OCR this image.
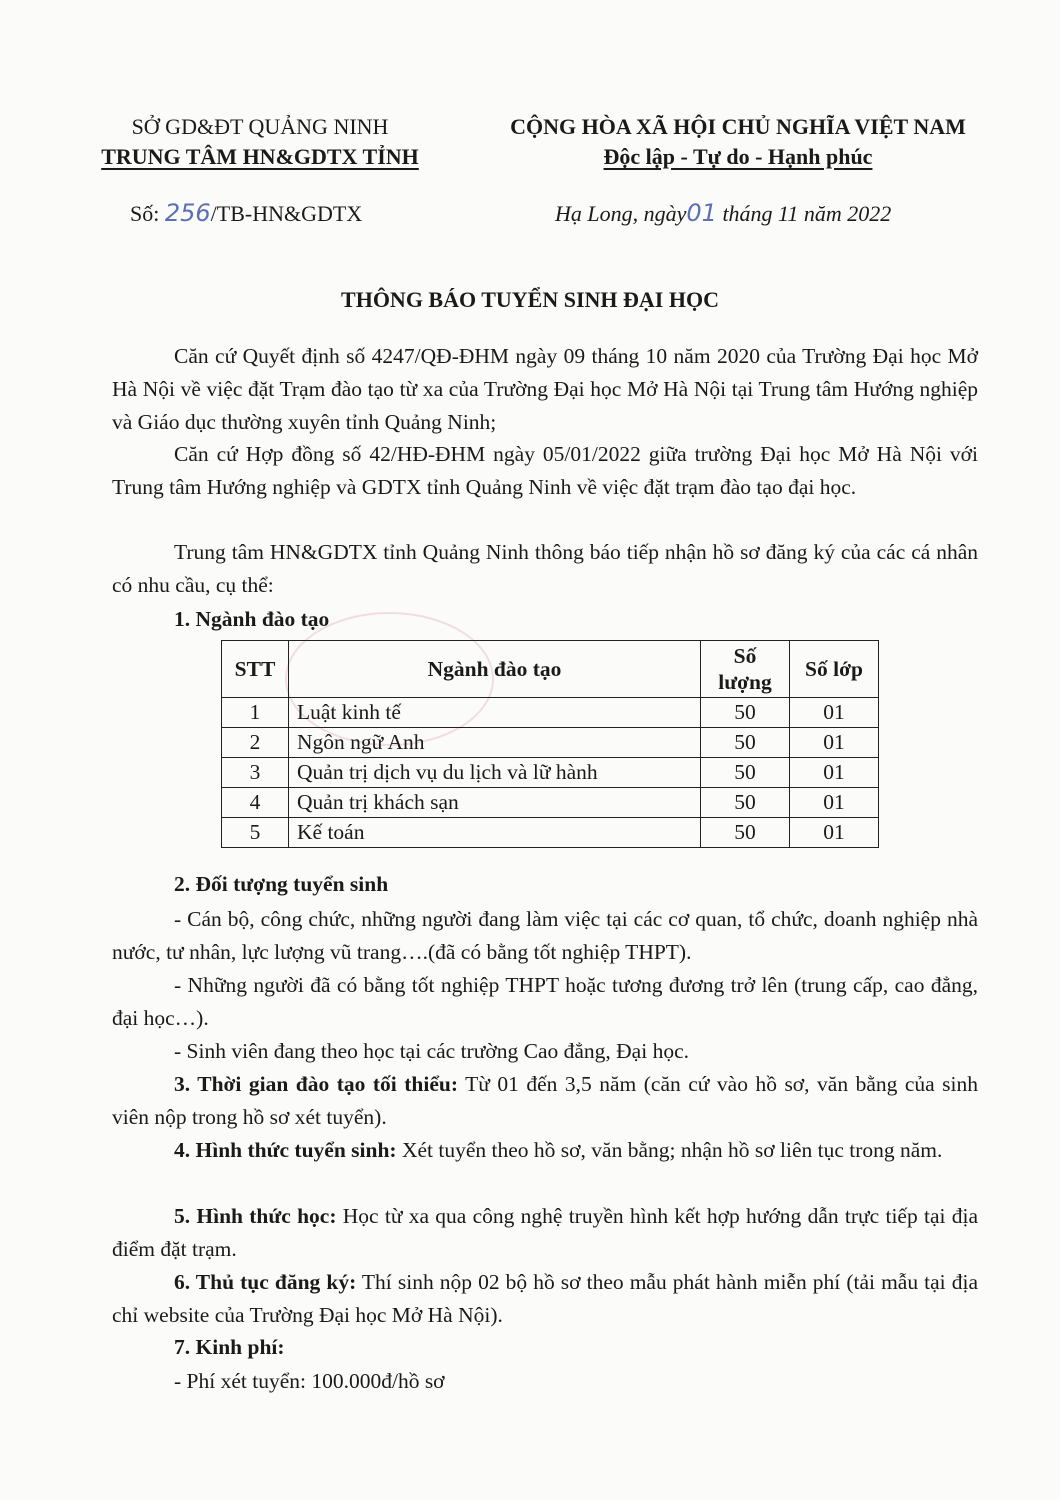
SỞ GD&ĐT QUẢNG NINH
TRUNG TÂM HN&GDTX TỈNH
CỘNG HÒA XÃ HỘI CHỦ NGHĨA VIỆT NAM
Độc lập - Tự do - Hạnh phúc
Số: 256/TB-HN&GDTX	Hạ Long, ngày01 tháng 11 năm 2022
THÔNG BÁO TUYỂN SINH ĐẠI HỌC
Căn cứ Quyết định số 4247/QĐ-ĐHM ngày 09 tháng 10 năm 2020 của Trường Đại học Mở Hà Nội về việc đặt Trạm đào tạo từ xa của Trường Đại học Mở Hà Nội tại Trung tâm Hướng nghiệp và Giáo dục thường xuyên tỉnh Quảng Ninh;
Căn cứ Hợp đồng số 42/HĐ-ĐHM ngày 05/01/2022 giữa trường Đại học Mở Hà Nội với Trung tâm Hướng nghiệp và GDTX tỉnh Quảng Ninh về việc đặt trạm đào tạo đại học.
Trung tâm HN&GDTX tỉnh Quảng Ninh thông báo tiếp nhận hồ sơ đăng ký của các cá nhân có nhu cầu, cụ thể:
1. Ngành đào tạo
STT	Ngành đào tạo	Số lượng	Số lớp
1	Luật kinh tế	50	01
2	Ngôn ngữ Anh	50	01
3	Quản trị dịch vụ du lịch và lữ hành	50	01
4	Quản trị khách sạn	50	01
5	Kế toán	50	01
2. Đối tượng tuyển sinh
- Cán bộ, công chức, những người đang làm việc tại các cơ quan, tổ chức, doanh nghiệp nhà nước, tư nhân, lực lượng vũ trang….(đã có bằng tốt nghiệp THPT).
- Những người đã có bằng tốt nghiệp THPT hoặc tương đương trở lên (trung cấp, cao đẳng, đại học…).
- Sinh viên đang theo học tại các trường Cao đẳng, Đại học.
3. Thời gian đào tạo tối thiểu: Từ 01 đến 3,5 năm (căn cứ vào hồ sơ, văn bằng của sinh viên nộp trong hồ sơ xét tuyển).
4. Hình thức tuyển sinh: Xét tuyển theo hồ sơ, văn bằng; nhận hồ sơ liên tục trong năm.
5. Hình thức học: Học từ xa qua công nghệ truyền hình kết hợp hướng dẫn trực tiếp tại địa điểm đặt trạm.
6. Thủ tục đăng ký: Thí sinh nộp 02 bộ hồ sơ theo mẫu phát hành miễn phí (tải mẫu tại địa chỉ website của Trường Đại học Mở Hà Nội).
7. Kinh phí:
- Phí xét tuyển: 100.000đ/hồ sơ
